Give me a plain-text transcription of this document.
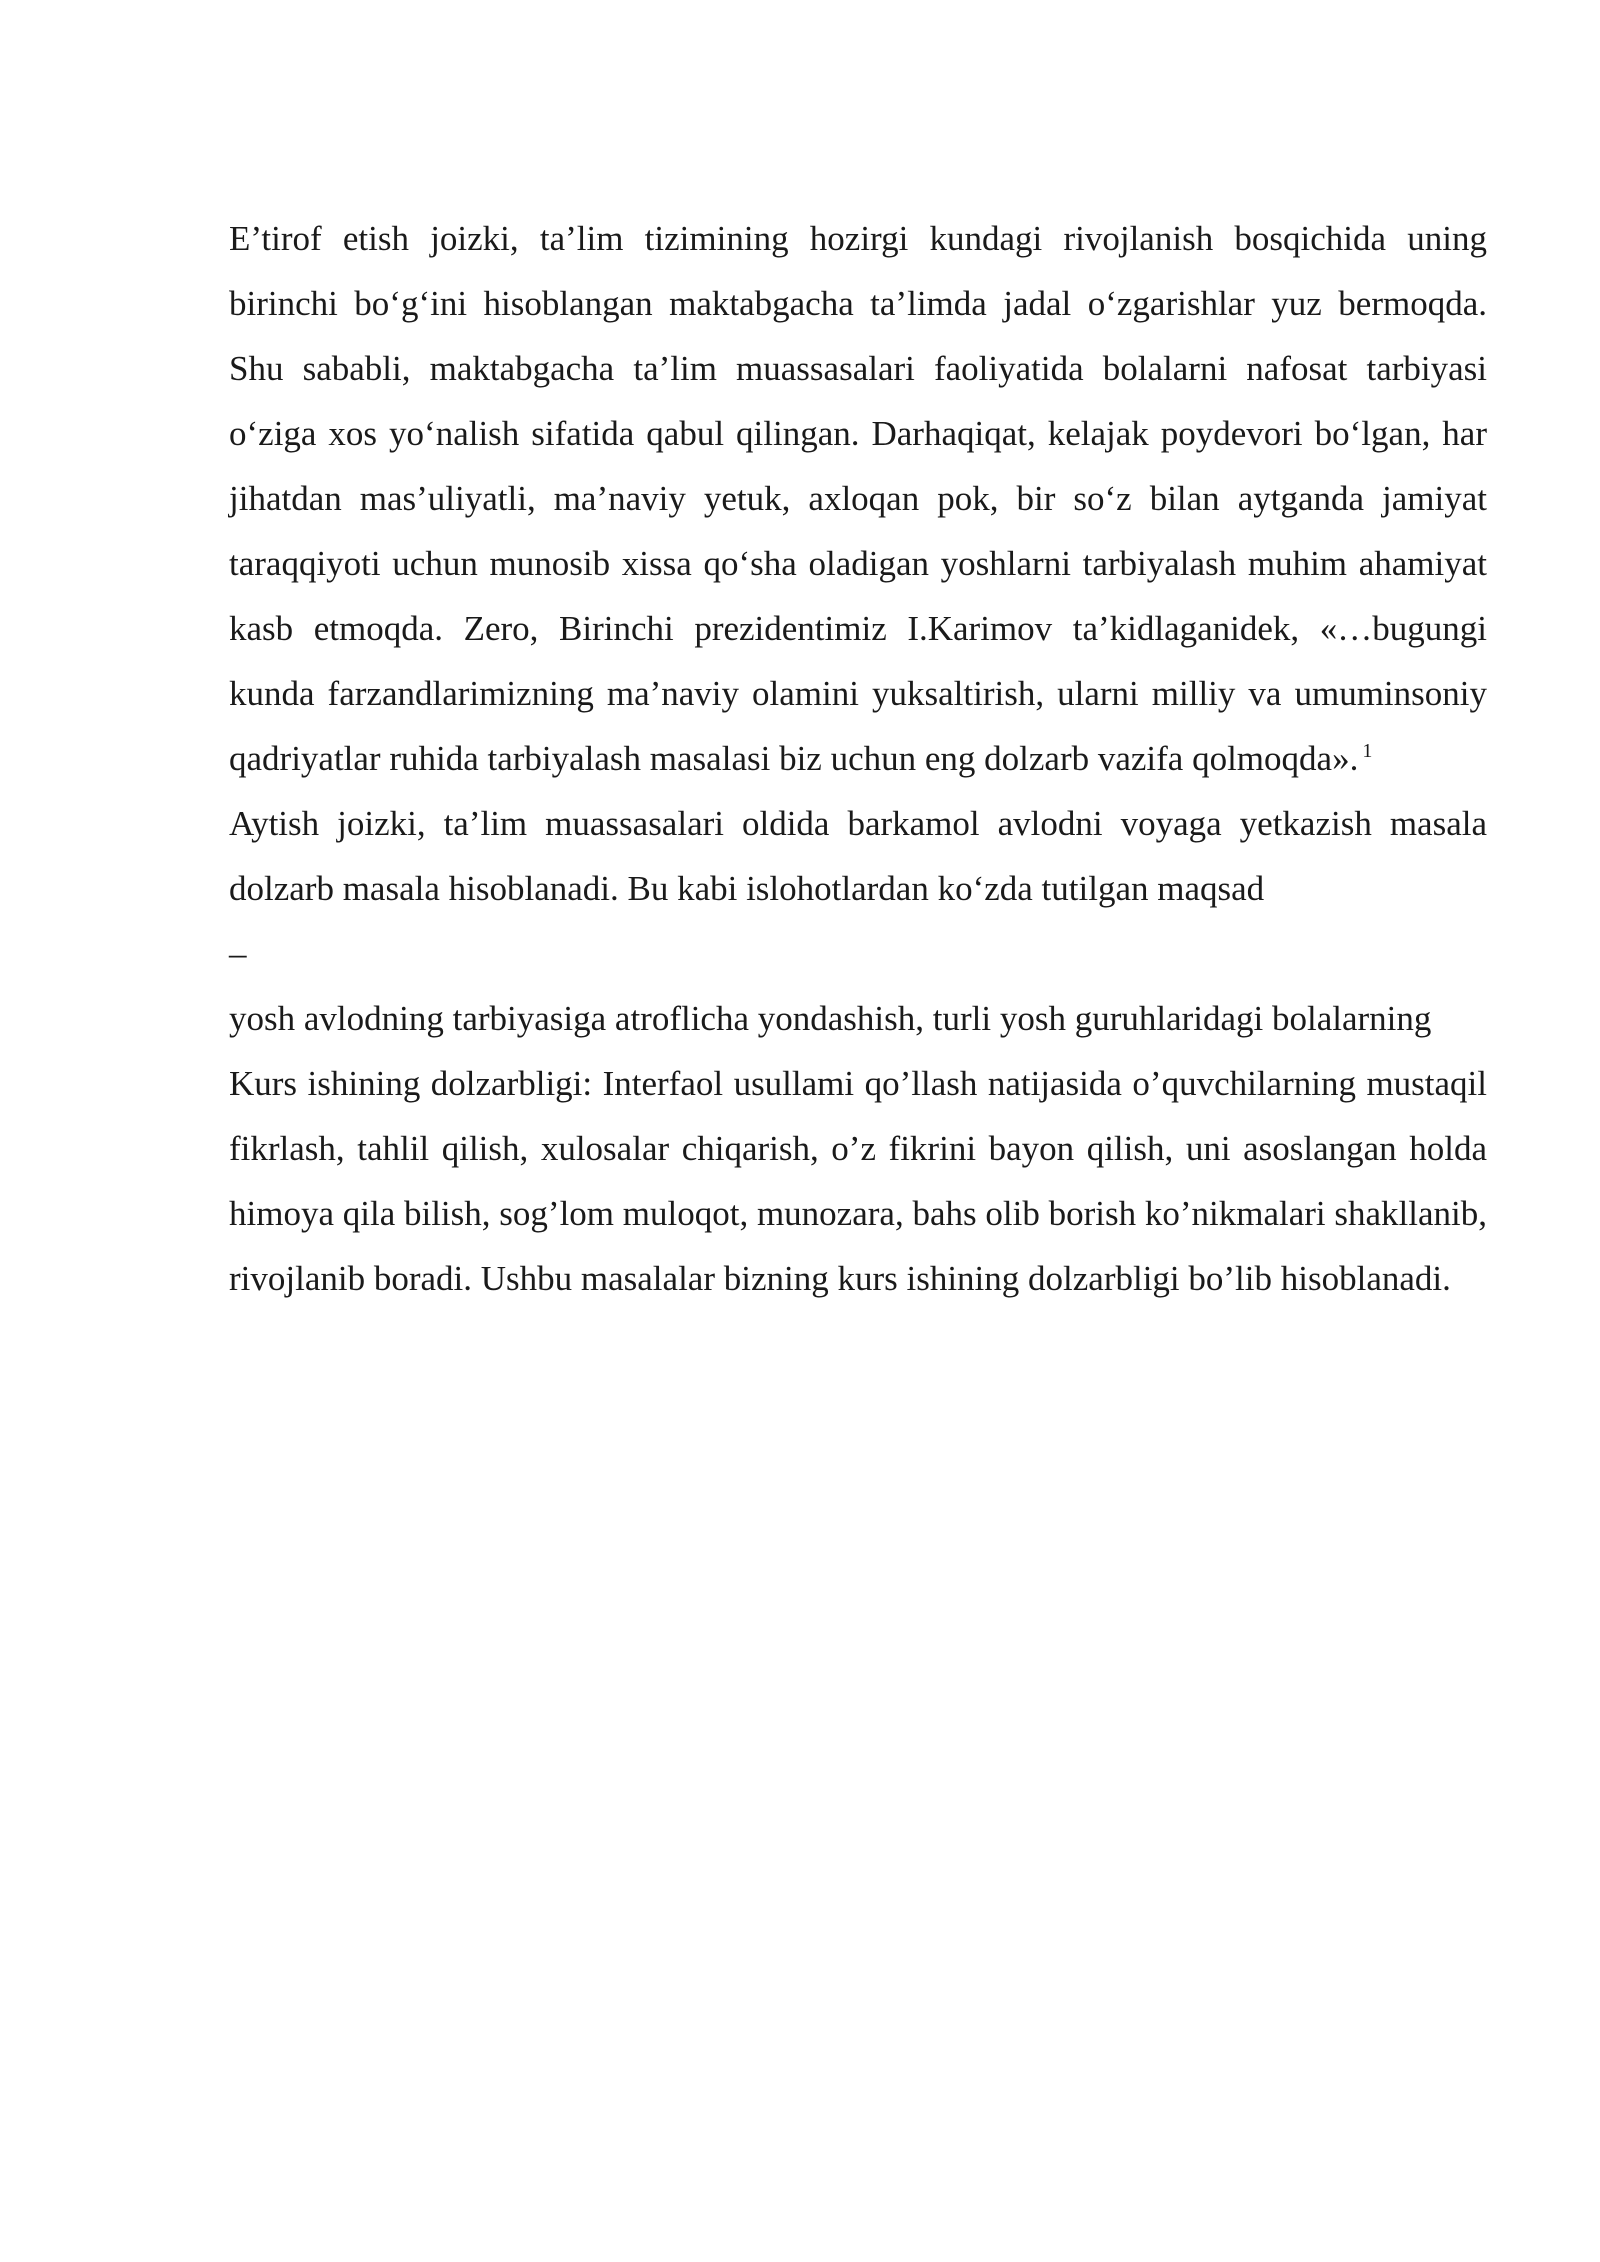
E’tirof etish joizki, ta’lim tizimining hozirgi kundagi rivojlanish bosqichida uning birinchi bo‘g‘ini hisoblangan maktabgacha ta’limda jadal o‘zgarishlar yuz bermoqda. Shu sababli, maktabgacha ta’lim muassasalari faoliyatida bolalarni nafosat tarbiyasi o‘ziga xos yo‘nalish sifatida qabul qilingan. Darhaqiqat, kelajak poydevori bo‘lgan, har jihatdan mas’uliyatli, ma’naviy yetuk, axloqan pok, bir so‘z bilan aytganda jamiyat taraqqiyoti uchun munosib xissa qo‘sha oladigan yoshlarni tarbiyalash muhim ahamiyat kasb etmoqda. Zero, Birinchi prezidentimiz I.Karimov ta’kidlaganidek, «…bugungi kunda farzandlarimizning ma’naviy olamini yuksaltirish, ularni milliy va umuminsoniy qadriyatlar ruhida tarbiyalash masalasi biz uchun eng dolzarb vazifa qolmoqda». $^1$

Aytish joizki, ta’lim muassasalari oldida barkamol avlodni voyaga yetkazish masala dolzarb masala hisoblanadi. Bu kabi islohotlardan ko‘zda tutilgan maqsad

–

yosh avlodning tarbiyasiga atroflicha yondashish, turli yosh guruhlaridagi bolalarning

Kurs ishining dolzarbligi: Interfaol usullami qo’llash natijasida o’quvchilarning mustaqil fikrlash, tahlil qilish, xulosalar chiqarish, o’z fikrini bayon qilish, uni asoslangan holda himoya qila bilish, sog’lom muloqot, munozara, bahs olib borish ko’nikmalari shakllanib, rivojlanib boradi. Ushbu masalalar bizning kurs ishining dolzarbligi bo’lib hisoblanadi.
